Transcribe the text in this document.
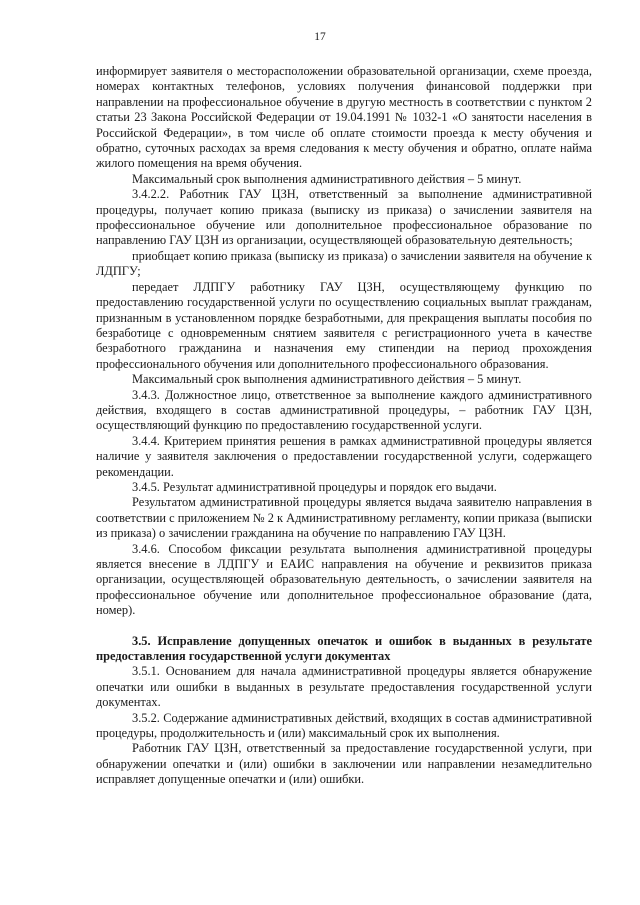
17

информирует заявителя о месторасположении образовательной организации, схеме проезда, номерах контактных телефонов, условиях получения финансовой поддержки при направлении на профессиональное обучение в другую местность в соответствии с пунктом 2 статьи 23 Закона Российской Федерации от 19.04.1991 № 1032-1 «О занятости населения в Российской Федерации», в том числе об оплате стоимости проезда к месту обучения и обратно, суточных расходах за время следования к месту обучения и обратно, оплате найма жилого помещения на время обучения.

Максимальный срок выполнения административного действия – 5 минут.

3.4.2.2. Работник ГАУ ЦЗН, ответственный за выполнение административной процедуры, получает копию приказа (выписку из приказа) о зачислении заявителя на профессиональное обучение или дополнительное профессиональное образование по направлению ГАУ ЦЗН из организации, осуществляющей образовательную деятельность;

приобщает копию приказа (выписку из приказа) о зачислении заявителя на обучение к ЛДПГУ;

передает ЛДПГУ работнику ГАУ ЦЗН, осуществляющему функцию по предоставлению государственной услуги по осуществлению социальных выплат гражданам, признанным в установленном порядке безработными, для прекращения выплаты пособия по безработице с одновременным снятием заявителя с регистрационного учета в качестве безработного гражданина и назначения ему стипендии на период прохождения профессионального обучения или дополнительного профессионального образования.

Максимальный срок выполнения административного действия – 5 минут.

3.4.3. Должностное лицо, ответственное за выполнение каждого административного действия, входящего в состав административной процедуры, – работник ГАУ ЦЗН, осуществляющий функцию по предоставлению государственной услуги.

3.4.4. Критерием принятия решения в рамках административной процедуры является наличие у заявителя заключения о предоставлении государственной услуги, содержащего рекомендации.

3.4.5. Результат административной процедуры и порядок его выдачи.

Результатом административной процедуры является выдача заявителю направления в соответствии с приложением № 2 к Административному регламенту, копии приказа (выписки из приказа) о зачислении гражданина на обучение по направлению ГАУ ЦЗН.

3.4.6. Способом фиксации результата выполнения административной процедуры является внесение в ЛДПГУ и ЕАИС направления на обучение и реквизитов приказа организации, осуществляющей образовательную деятельность, о зачислении заявителя на профессиональное обучение или дополнительное профессиональное образование (дата, номер).

3.5. Исправление допущенных опечаток и ошибок в выданных в результате предоставления государственной услуги документах

3.5.1. Основанием для начала административной процедуры является обнаружение опечатки или ошибки в выданных в результате предоставления государственной услуги документах.

3.5.2. Содержание административных действий, входящих в состав административной процедуры, продолжительность и (или) максимальный срок их выполнения.

Работник ГАУ ЦЗН, ответственный за предоставление государственной услуги, при обнаружении опечатки и (или) ошибки в заключении или направлении незамедлительно исправляет допущенные опечатки и (или) ошибки.
